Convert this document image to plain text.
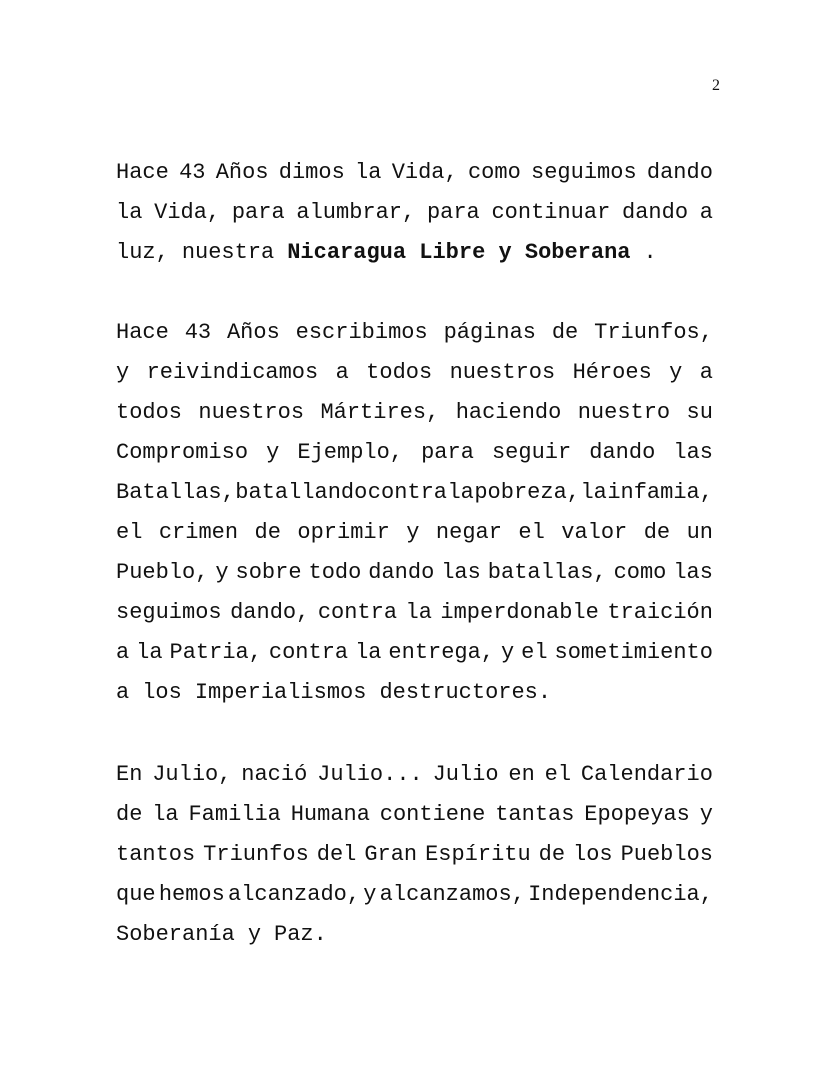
2
Hace 43 Años dimos la Vida, como seguimos dando
la Vida, para alumbrar, para continuar dando a
luz, nuestra Nicaragua Libre y Soberana .
Hace 43 Años escribimos páginas de Triunfos,
y reivindicamos a todos nuestros Héroes y a
todos nuestros Mártires, haciendo nuestro su
Compromiso y Ejemplo, para seguir dando las
Batallas, batallando contra la pobreza, la infamia,
el crimen de oprimir y negar el valor de un
Pueblo, y sobre todo dando las batallas, como las
seguimos dando, contra la imperdonable traición
a la Patria, contra la entrega, y el sometimiento
a los Imperialismos destructores.
En Julio, nació Julio... Julio en el Calendario
de la Familia Humana contiene tantas Epopeyas y
tantos Triunfos del Gran Espíritu de los Pueblos
que hemos alcanzado, y alcanzamos, Independencia,
Soberanía y Paz.
